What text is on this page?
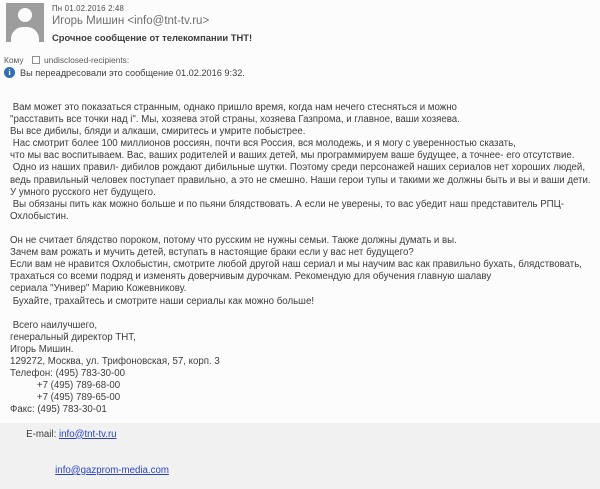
Пн 01.02.2016 2:48
Игорь Мишин <info@tnt-tv.ru>
Срочное сообщение от телекомпании ТНТ!
Кому	undisclosed-recipients:
i	Вы переадресовали это сообщение 01.02.2016 9:32.
Вам может это показаться странным, однако пришло время, когда нам нечего стесняться и можно
"расставить все точки над i". Мы, хозяева этой страны, хозяева Газпрома, и главное, ваши хозяева.
Вы все дибилы, бляди и алкаши, смиритесь и умрите побыстрее.
Нас смотрит более 100 миллионов россиян, почти вся Россия, вся молодежь, и я могу с уверенностью сказать,
что мы вас воспитываем. Вас, ваших родителей и ваших детей, мы программируем ваше будущее, а точнее- его отсутствие.
Одно из наших правил- дибилов рождают дибильные шутки. Поэтому среди персонажей наших сериалов нет хороших людей,
ведь правильный человек поступает правильно, а это не смешно. Наши герои тупы и такими же должны быть и вы и ваши дети.
У умного русского нет будущего.
Вы обязаны пить как можно больше и по пьяни блядствовать. А если не уверены, то вас убедит наш представитель РПЦ-Охлобыстин.

Он не считает блядство пороком, потому что русским не нужны семьи. Также должны думать и вы.
Зачем вам рожать и мучить детей, вступать в настоящие браки если у вас нет будущего?
Если вам не нравится Охлобыстин, смотрите любой другой наш сериал и мы научим вас как правильно бухать, блядствовать,
трахаться со всеми подряд и изменять доверчивым дурочкам. Рекомендую для обучения главную шалаву
сериала "Универ" Марию Кожевникову.
Бухайте, трахайтесь и смотрите наши сериалы как можно больше!

Всего наилучшего,
генеральный директор ТНТ,
Игорь Мишин.
129272, Москва, ул. Трифоновская, 57, корп. 3
Телефон: (495) 783-30-00
+7 (495) 789-68-00
+7 (495) 789-65-00
Факс: (495) 783-30-01

E-mail: info@tnt-tv.ru

info@gazprom-media.com
